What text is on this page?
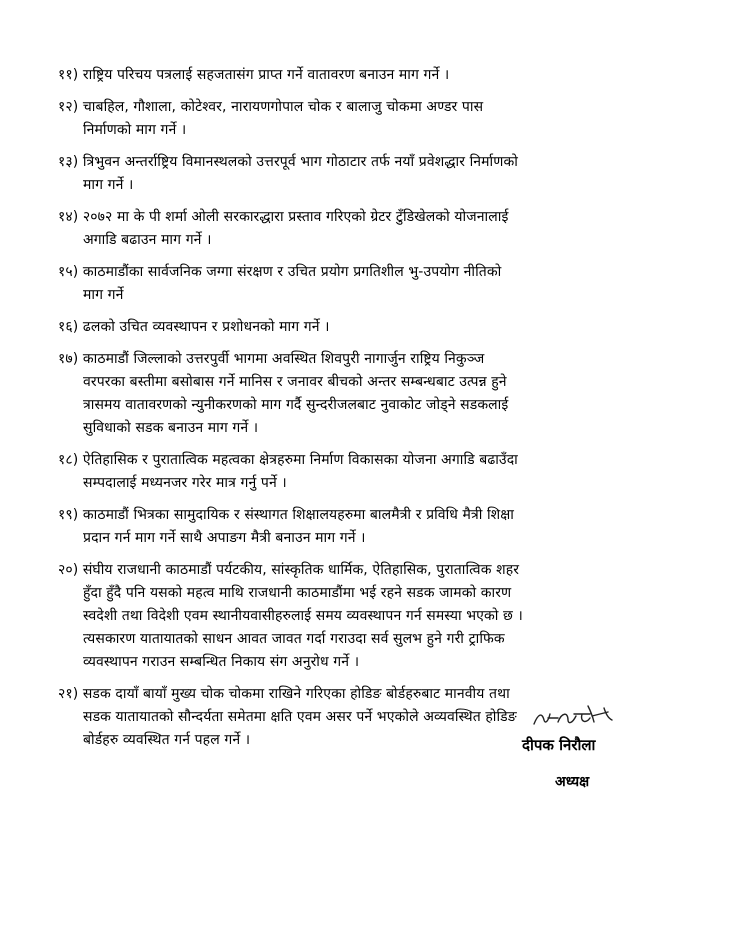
११) राष्ट्रिय परिचय पत्रलाई सहजतासंग प्राप्त गर्ने वातावरण बनाउन माग गर्ने ।
१२) चाबहिल, गौशाला, कोटेश्वर, नारायणगोपाल चोक र बालाजु चोकमा अण्डर पास
निर्माणको माग गर्ने ।
१३) त्रिभुवन अन्तर्राष्ट्रिय विमानस्थलको उत्तरपूर्व भाग गोठाटार तर्फ नयाँ प्रवेशद्धार निर्माणको
माग गर्ने ।
१४) २०७२ मा के पी शर्मा ओली सरकारद्धारा प्रस्ताव गरिएको ग्रेटर टुँडिखेलको योजनालाई
अगाडि बढाउन माग गर्ने ।
१५) काठमाडौंका सार्वजनिक जग्गा संरक्षण र उचित प्रयोग प्रगतिशील भु-उपयोग नीतिको
माग गर्ने
१६) ढलको उचित व्यवस्थापन र प्रशोधनको माग गर्ने ।
१७) काठमाडौं जिल्लाको उत्तरपुर्वी भागमा अवस्थित शिवपुरी नागार्जुन राष्ट्रिय निकुञ्ज
वरपरका बस्तीमा बसोबास गर्ने मानिस र जनावर बीचको अन्तर सम्बन्धबाट उत्पन्न हुने
त्रासमय वातावरणको न्युनीकरणको माग गर्दै सुन्दरीजलबाट नुवाकोट जोड्ने सडकलाई
सुविधाको सडक बनाउन माग गर्ने ।
१८) ऐतिहासिक र पुरातात्विक महत्वका क्षेत्रहरुमा निर्माण विकासका योजना अगाडि बढाउँदा
सम्पदालाई मध्यनजर गरेर मात्र गर्नु पर्ने ।
१९) काठमाडौं भित्रका सामुदायिक र संस्थागत शिक्षालयहरुमा बालमैत्री र प्रविधि मैत्री शिक्षा
प्रदान गर्न माग गर्ने साथै अपाङग मैत्री बनाउन माग गर्ने ।
२०) संघीय राजधानी काठमाडौं पर्यटकीय, सांस्कृतिक धार्मिक, ऐतिहासिक, पुरातात्विक शहर
हुँदा हुँदै पनि यसको महत्व माथि राजधानी काठमाडौंमा भई रहने सडक जामको कारण
स्वदेशी तथा विदेशी एवम स्थानीयवासीहरुलाई समय व्यवस्थापन गर्न समस्या भएको छ ।
त्यसकारण यातायातको साधन आवत जावत गर्दा गराउदा सर्व सुलभ हुने गरी ट्राफिक
व्यवस्थापन गराउन सम्बन्धित निकाय संग अनुरोध गर्ने ।
२१) सडक दायाँ बायाँ मुख्य चोक चोकमा राखिने गरिएका होडिङ बोर्डहरुबाट मानवीय तथा
सडक यातायातको सौन्दर्यता समेतमा क्षति एवम असर पर्ने भएकोले अव्यवस्थित होडिङ
बोर्डहरु व्यवस्थित गर्न पहल गर्ने ।	दीपक निरौला
अध्यक्ष
